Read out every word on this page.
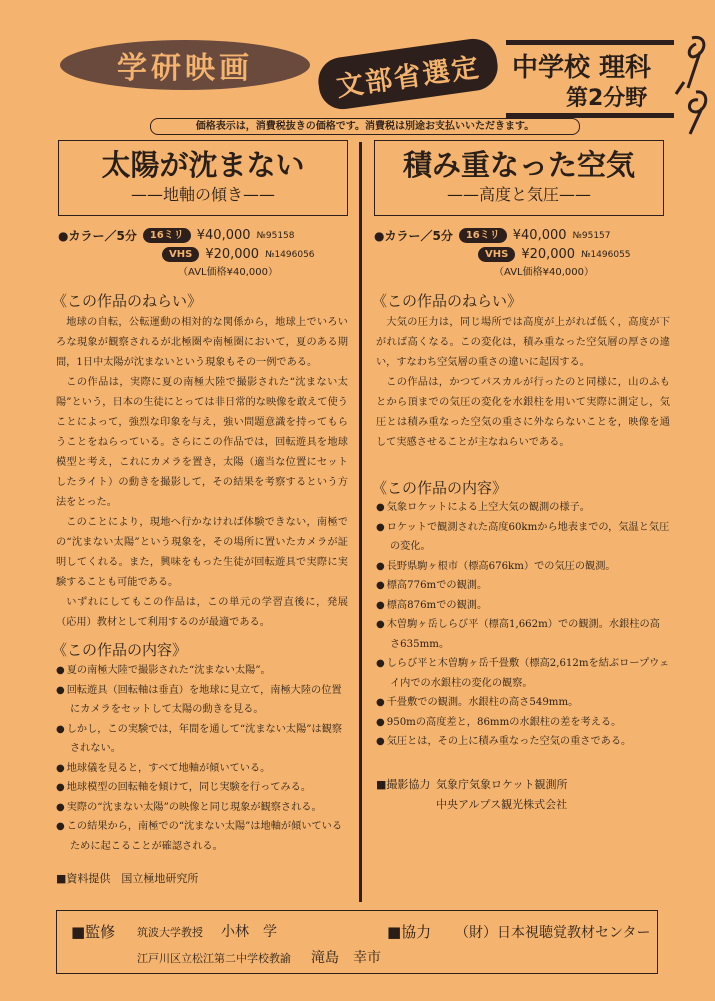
学研映画	文部省選定	中学校 理科
第2分野
91-9
価格表示は，消費税抜きの価格です。消費税は別途お支払いいただきます。
太陽が沈まない
——地軸の傾き——
●カラー／5分	16ミリ	¥40,000 №95158
VHS	¥20,000 №1496056
（AVL価格¥40,000）
《この作品のねらい》

地球の自転，公転運動の相対的な関係から，地球上でいろいろな現象が観察されるが北極圏や南極圏において，夏のある期間，1日中太陽が沈まないという現象もその一例である。

この作品は，実際に夏の南極大陸で撮影された“沈まない太陽”という，日本の生徒にとっては非日常的な映像を敢えて使うことによって，強烈な印象を与え，強い問題意識を持ってもらうことをねらっている。さらにこの作品では，回転遊具を地球模型と考え，これにカメラを置き，太陽（適当な位置にセットしたライト）の動きを撮影して，その結果を考察するという方法をとった。

このことにより，現地へ行かなければ体験できない，南極での“沈まない太陽”という現象を，その場所に置いたカメラが証明してくれる。また，興味をもった生徒が回転遊具で実際に実験することも可能である。

いずれにしてもこの作品は，この単元の学習直後に，発展（応用）教材として利用するのが最適である。

《この作品の内容》
● 夏の南極大陸で撮影された“沈まない太陽”。
● 回転遊具（回転軸は垂直）を地球に見立て，南極大陸の位置にカメラをセットして太陽の動きを見る。
● しかし，この実験では，年間を通して“沈まない太陽”は観察されない。
● 地球儀を見ると，すべて地軸が傾いている。
● 地球模型の回転軸を傾けて，同じ実験を行ってみる。
● 実際の“沈まない太陽”の映像と同じ現象が観察される。
● この結果から，南極での“沈まない太陽”は地軸が傾いているために起こることが確認される。
■資料提供　国立極地研究所
積み重なった空気
——高度と気圧——
●カラー／5分	16ミリ	¥40,000 №95157
VHS	¥20,000 №1496055
（AVL価格¥40,000）
《この作品のねらい》

大気の圧力は，同じ場所では高度が上がれば低く，高度が下がれば高くなる。この変化は，積み重なった空気層の厚さの違い，すなわち空気層の重さの違いに起因する。

この作品は，かつてパスカルが行ったのと同様に，山のふもとから頂までの気圧の変化を水銀柱を用いて実際に測定し，気圧とは積み重なった空気の重さに外ならないことを，映像を通して実感させることが主なねらいである。

《この作品の内容》
● 気象ロケットによる上空大気の観測の様子。
● ロケットで観測された高度60kmから地表までの，気温と気圧の変化。
● 長野県駒ヶ根市（標高676km）での気圧の観測。
● 標高776mでの観測。
● 標高876mでの観測。
● 木曽駒ヶ岳しらび平（標高1,662m）での観測。水銀柱の高さ635mm。
● しらび平と木曽駒ヶ岳千畳敷（標高2,612mを結ぶロープウェイ内での水銀柱の変化の観察。
● 千畳敷での観測。水銀柱の高さ549mm。
● 950mの高度差と，86mmの水銀柱の差を考える。
● 気圧とは，その上に積み重なった空気の重さである。
■撮影協力 気象庁気象ロケット観測所
中央アルプス観光株式会社
■監修 筑波大学教授 小林　学
江戸川区立松江第二中学校教諭 滝島　幸市
■協力 （財）日本視聴覚教材センター
